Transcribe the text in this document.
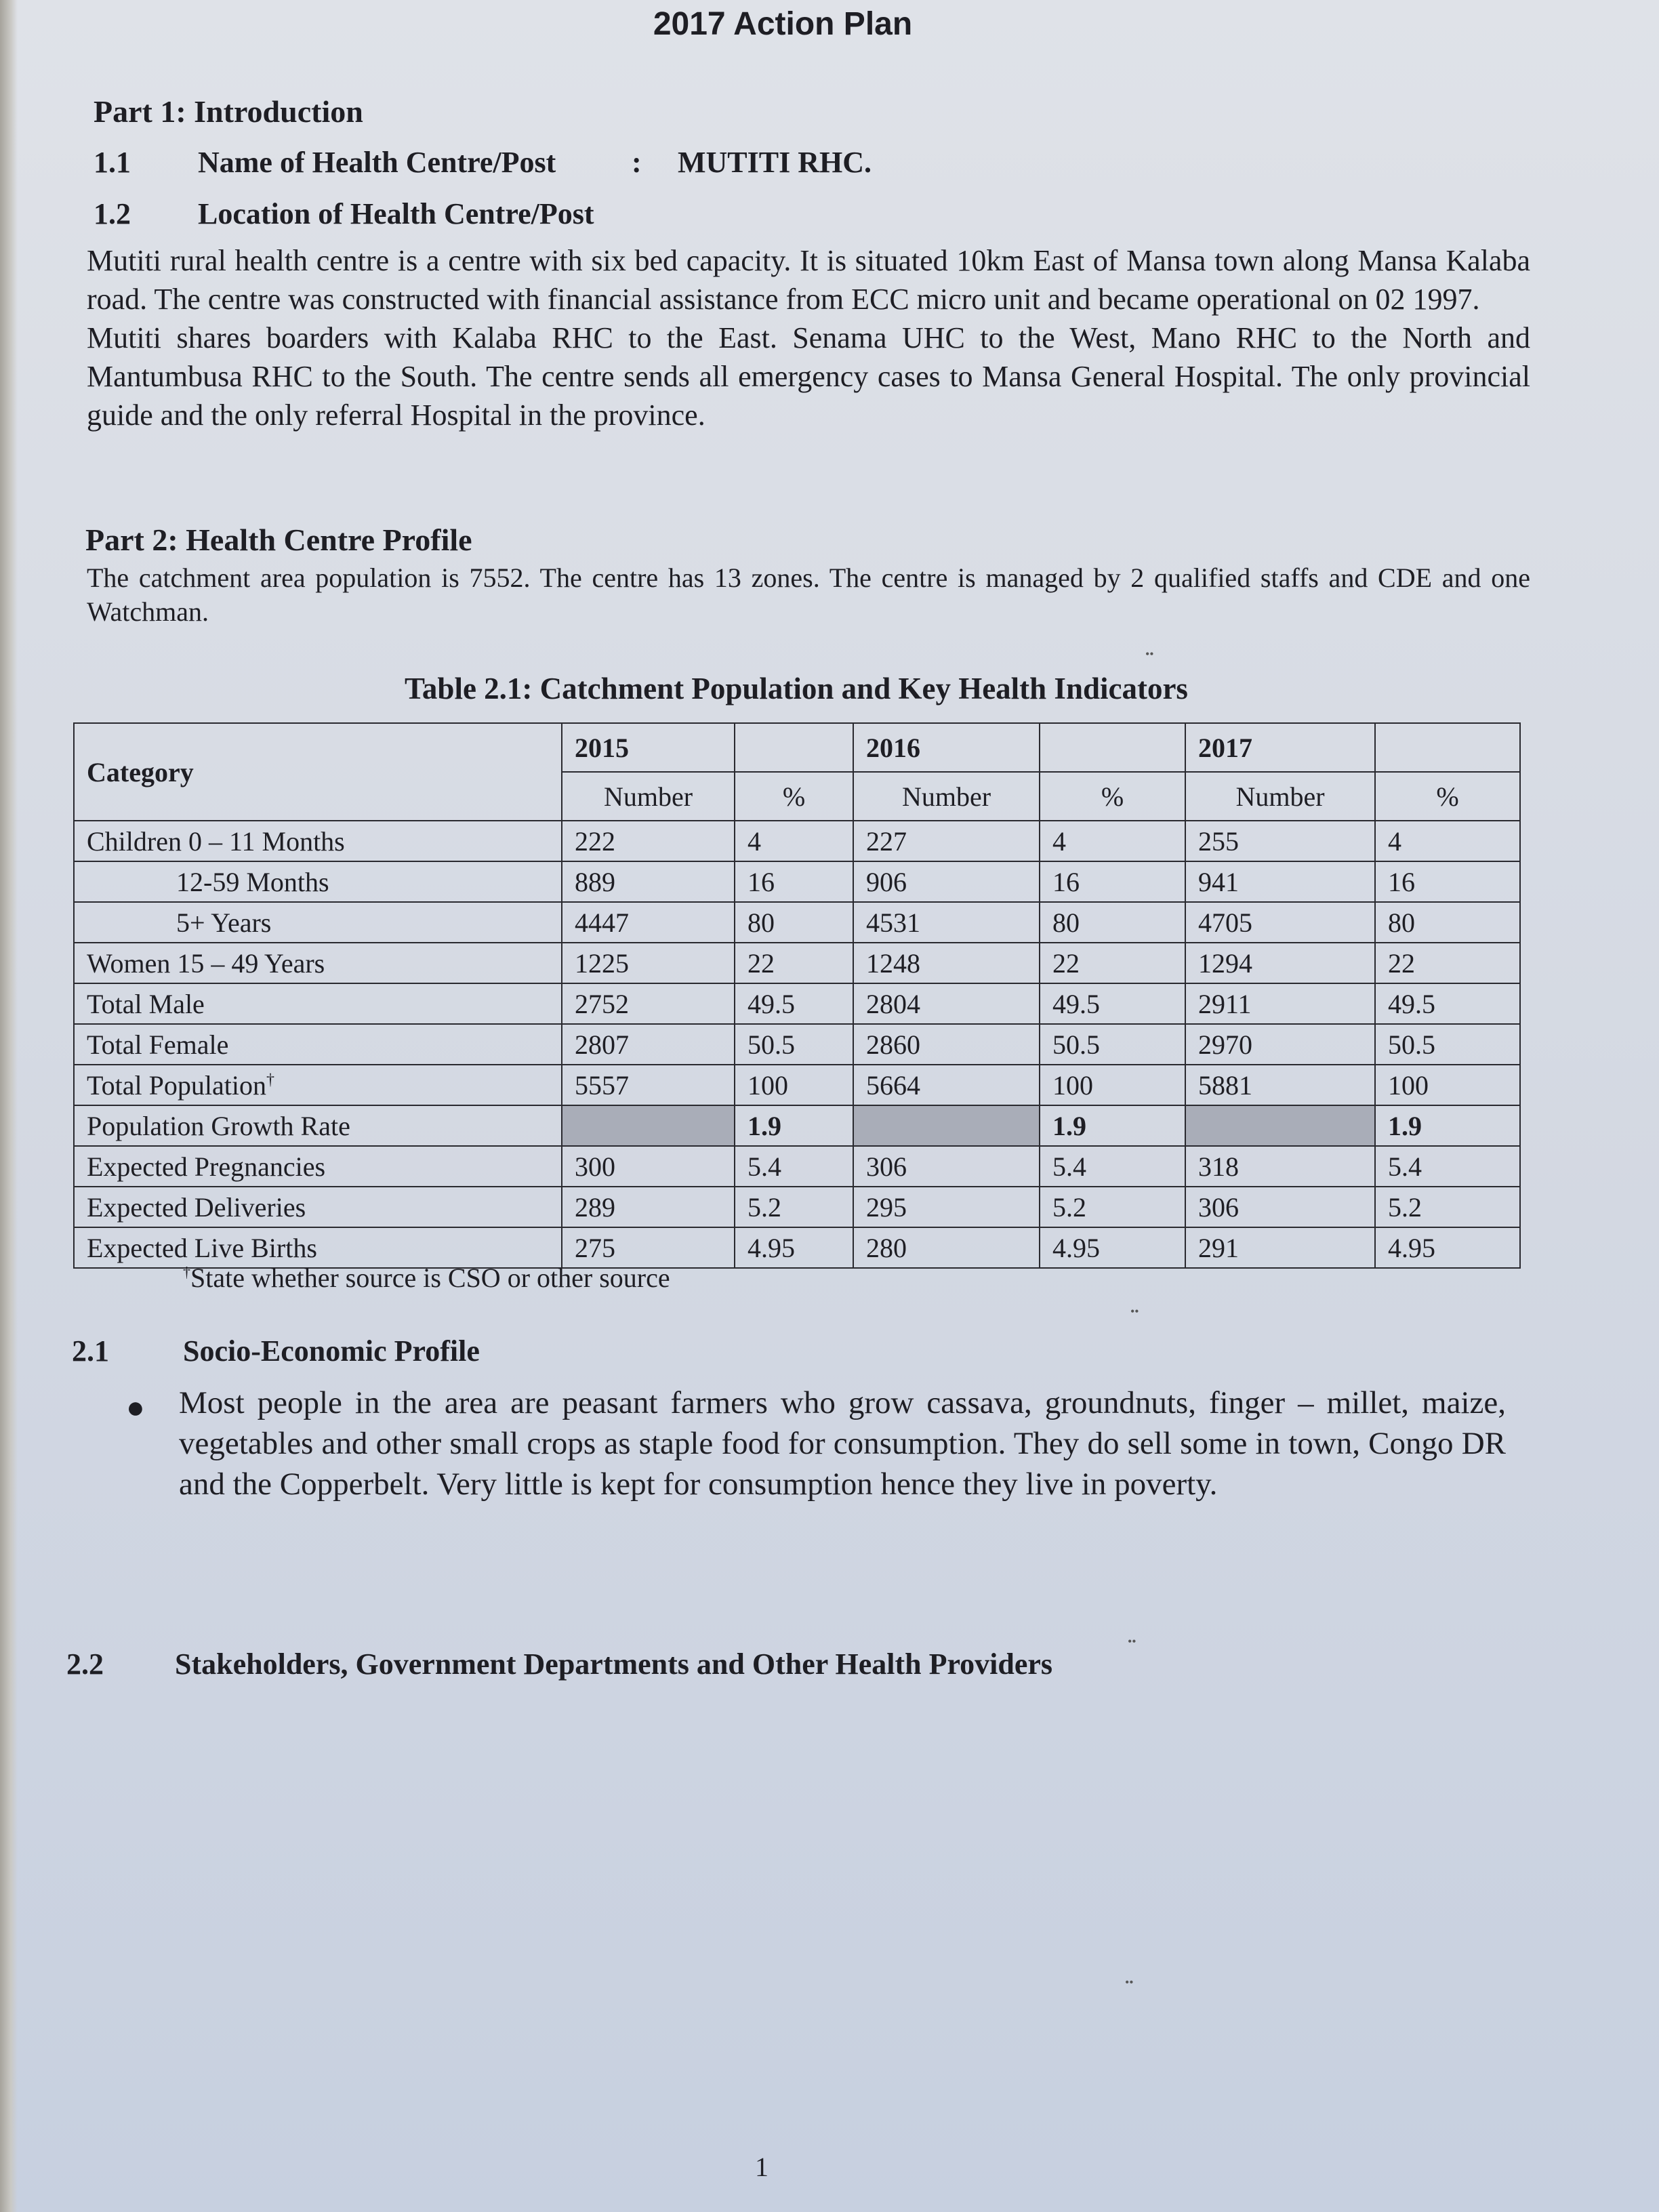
2017 Action Plan
Part 1: Introduction
1.1 Name of Health Centre/Post	: MUTITI RHC.
1.2 Location of Health Centre/Post

Mutiti rural health centre is a centre with six bed capacity. It is situated 10km East of Mansa town along Mansa Kalaba road. The centre was constructed with financial assistance from ECC micro unit and became operational on 02 1997.

Mutiti shares boarders with Kalaba RHC to the East. Senama UHC to the West, Mano RHC to the North and Mantumbusa RHC to the South. The centre sends all emergency cases to Mansa General Hospital. The only provincial guide and the only referral Hospital in the province.

Part 2: Health Centre Profile
The catchment area population is 7552. The centre has 13 zones. The centre is managed by 2 qualified staffs and CDE and one Watchman.
Table 2.1: Catchment Population and Key Health Indicators
Category	2015		2016		2017	
	Number	%	Number	%	Number	%
Children 0 – 11 Months	222	4	227	4	255	4
12-59 Months	889	16	906	16	941	16
5+ Years	4447	80	4531	80	4705	80
Women 15 – 49 Years	1225	22	1248	22	1294	22
Total Male	2752	49.5	2804	49.5	2911	49.5
Total Female	2807	50.5	2860	50.5	2970	50.5
Total Population†	5557	100	5664	100	5881	100
Population Growth Rate		1.9		1.9		1.9
Expected Pregnancies	300	5.4	306	5.4	318	5.4
Expected Deliveries	289	5.2	295	5.2	306	5.2
Expected Live Births	275	4.95	280	4.95	291	4.95
†State whether source is CSO or other source
2.1 Socio-Economic Profile
● Most people in the area are peasant farmers who grow cassava, groundnuts, finger – millet, maize, vegetables and other small crops as staple food for consumption. They do sell some in town, Congo DR and the Copperbelt. Very little is kept for consumption hence they live in poverty.
2.2 Stakeholders, Government Departments and Other Health Providers
1
••
••
••
••
